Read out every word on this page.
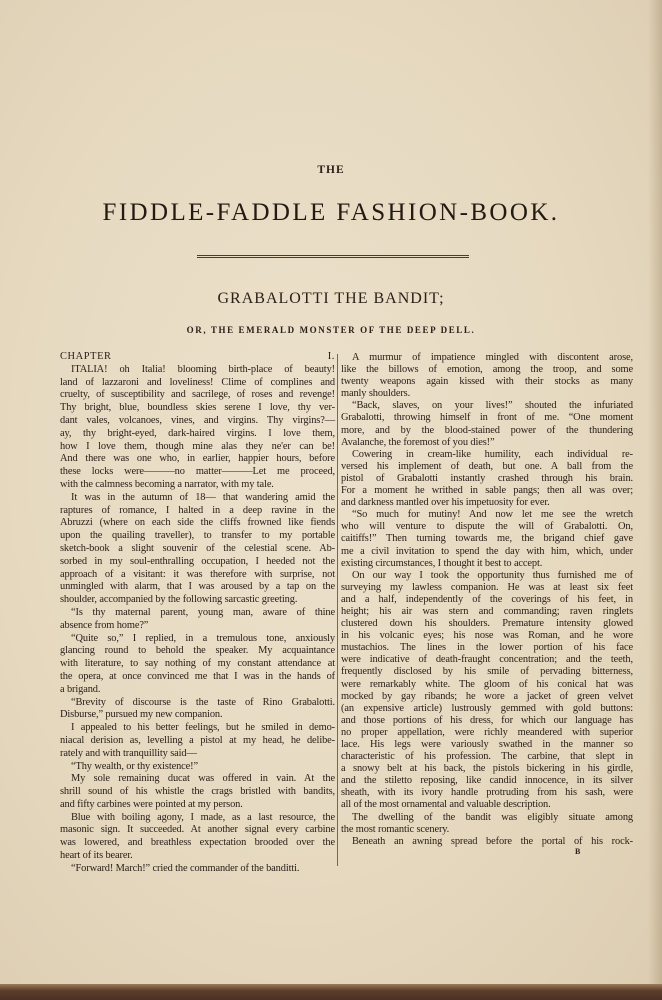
THE
FIDDLE-FADDLE FASHION-BOOK.
GRABALOTTI THE BANDIT;
OR, THE EMERALD MONSTER OF THE DEEP DELL.
CHAPTER I.
ITALIA! oh Italia! blooming birth-place of beauty!
land of lazzaroni and loveliness! Clime of complines and
cruelty, of susceptibility and sacrilege, of roses and revenge!
Thy bright, blue, boundless skies serene I love, thy ver-
dant vales, volcanoes, vines, and virgins. Thy virgins?—
ay, thy bright-eyed, dark-haired virgins. I love them,
how I love them, though mine alas they ne'er can be!
And there was one who, in earlier, happier hours, before
these locks were———no matter———Let me proceed,
with the calmness becoming a narrator, with my tale.
It was in the autumn of 18— that wandering amid the
raptures of romance, I halted in a deep ravine in the
Abruzzi (where on each side the cliffs frowned like fiends
upon the quailing traveller), to transfer to my portable
sketch-book a slight souvenir of the celestial scene. Ab-
sorbed in my soul-enthralling occupation, I heeded not the
approach of a visitant: it was therefore with surprise, not
unmingled with alarm, that I was aroused by a tap on the
shoulder, accompanied by the following sarcastic greeting.
“Is thy maternal parent, young man, aware of thine
absence from home?”
“Quite so,” I replied, in a tremulous tone, anxiously
glancing round to behold the speaker. My acquaintance
with literature, to say nothing of my constant attendance at
the opera, at once convinced me that I was in the hands of
a brigand.
“Brevity of discourse is the taste of Rino Grabalotti.
Disburse,” pursued my new companion.
I appealed to his better feelings, but he smiled in demo-
niacal derision as, levelling a pistol at my head, he delibe-
rately and with tranquillity said—
“Thy wealth, or thy existence!”
My sole remaining ducat was offered in vain. At the
shrill sound of his whistle the crags bristled with bandits,
and fifty carbines were pointed at my person.
Blue with boiling agony, I made, as a last resource, the
masonic sign. It succeeded. At another signal every carbine
was lowered, and breathless expectation brooded over the
heart of its bearer.
“Forward! March!” cried the commander of the banditti.
A murmur of impatience mingled with discontent arose,
like the billows of emotion, among the troop, and some
twenty weapons again kissed with their stocks as many
manly shoulders.
“Back, slaves, on your lives!” shouted the infuriated
Grabalotti, throwing himself in front of me. “One moment
more, and by the blood-stained power of the thundering
Avalanche, the foremost of you dies!”
Cowering in cream-like humility, each individual re-
versed his implement of death, but one. A ball from the
pistol of Grabalotti instantly crashed through his brain.
For a moment he writhed in sable pangs; then all was over;
and darkness mantled over his impetuosity for ever.
“So much for mutiny! And now let me see the wretch
who will venture to dispute the will of Grabalotti. On,
caitiffs!” Then turning towards me, the brigand chief gave
me a civil invitation to spend the day with him, which, under
existing circumstances, I thought it best to accept.
On our way I took the opportunity thus furnished me of
surveying my lawless companion. He was at least six feet
and a half, independently of the coverings of his feet, in
height; his air was stern and commanding; raven ringlets
clustered down his shoulders. Premature intensity glowed
in his volcanic eyes; his nose was Roman, and he wore
mustachios. The lines in the lower portion of his face
were indicative of death-fraught concentration; and the teeth,
frequently disclosed by his smile of pervading bitterness,
were remarkably white. The gloom of his conical hat was
mocked by gay ribands; he wore a jacket of green velvet
(an expensive article) lustrously gemmed with gold buttons:
and those portions of his dress, for which our language has
no proper appellation, were richly meandered with superior
lace. His legs were variously swathed in the manner so
characteristic of his profession. The carbine, that slept in
a snowy belt at his back, the pistols bickering in his girdle,
and the stiletto reposing, like candid innocence, in its silver
sheath, with its ivory handle protruding from his sash, were
all of the most ornamental and valuable description.
The dwelling of the bandit was eligibly situate among
the most romantic scenery.
Beneath an awning spread before the portal of his rock-
B
